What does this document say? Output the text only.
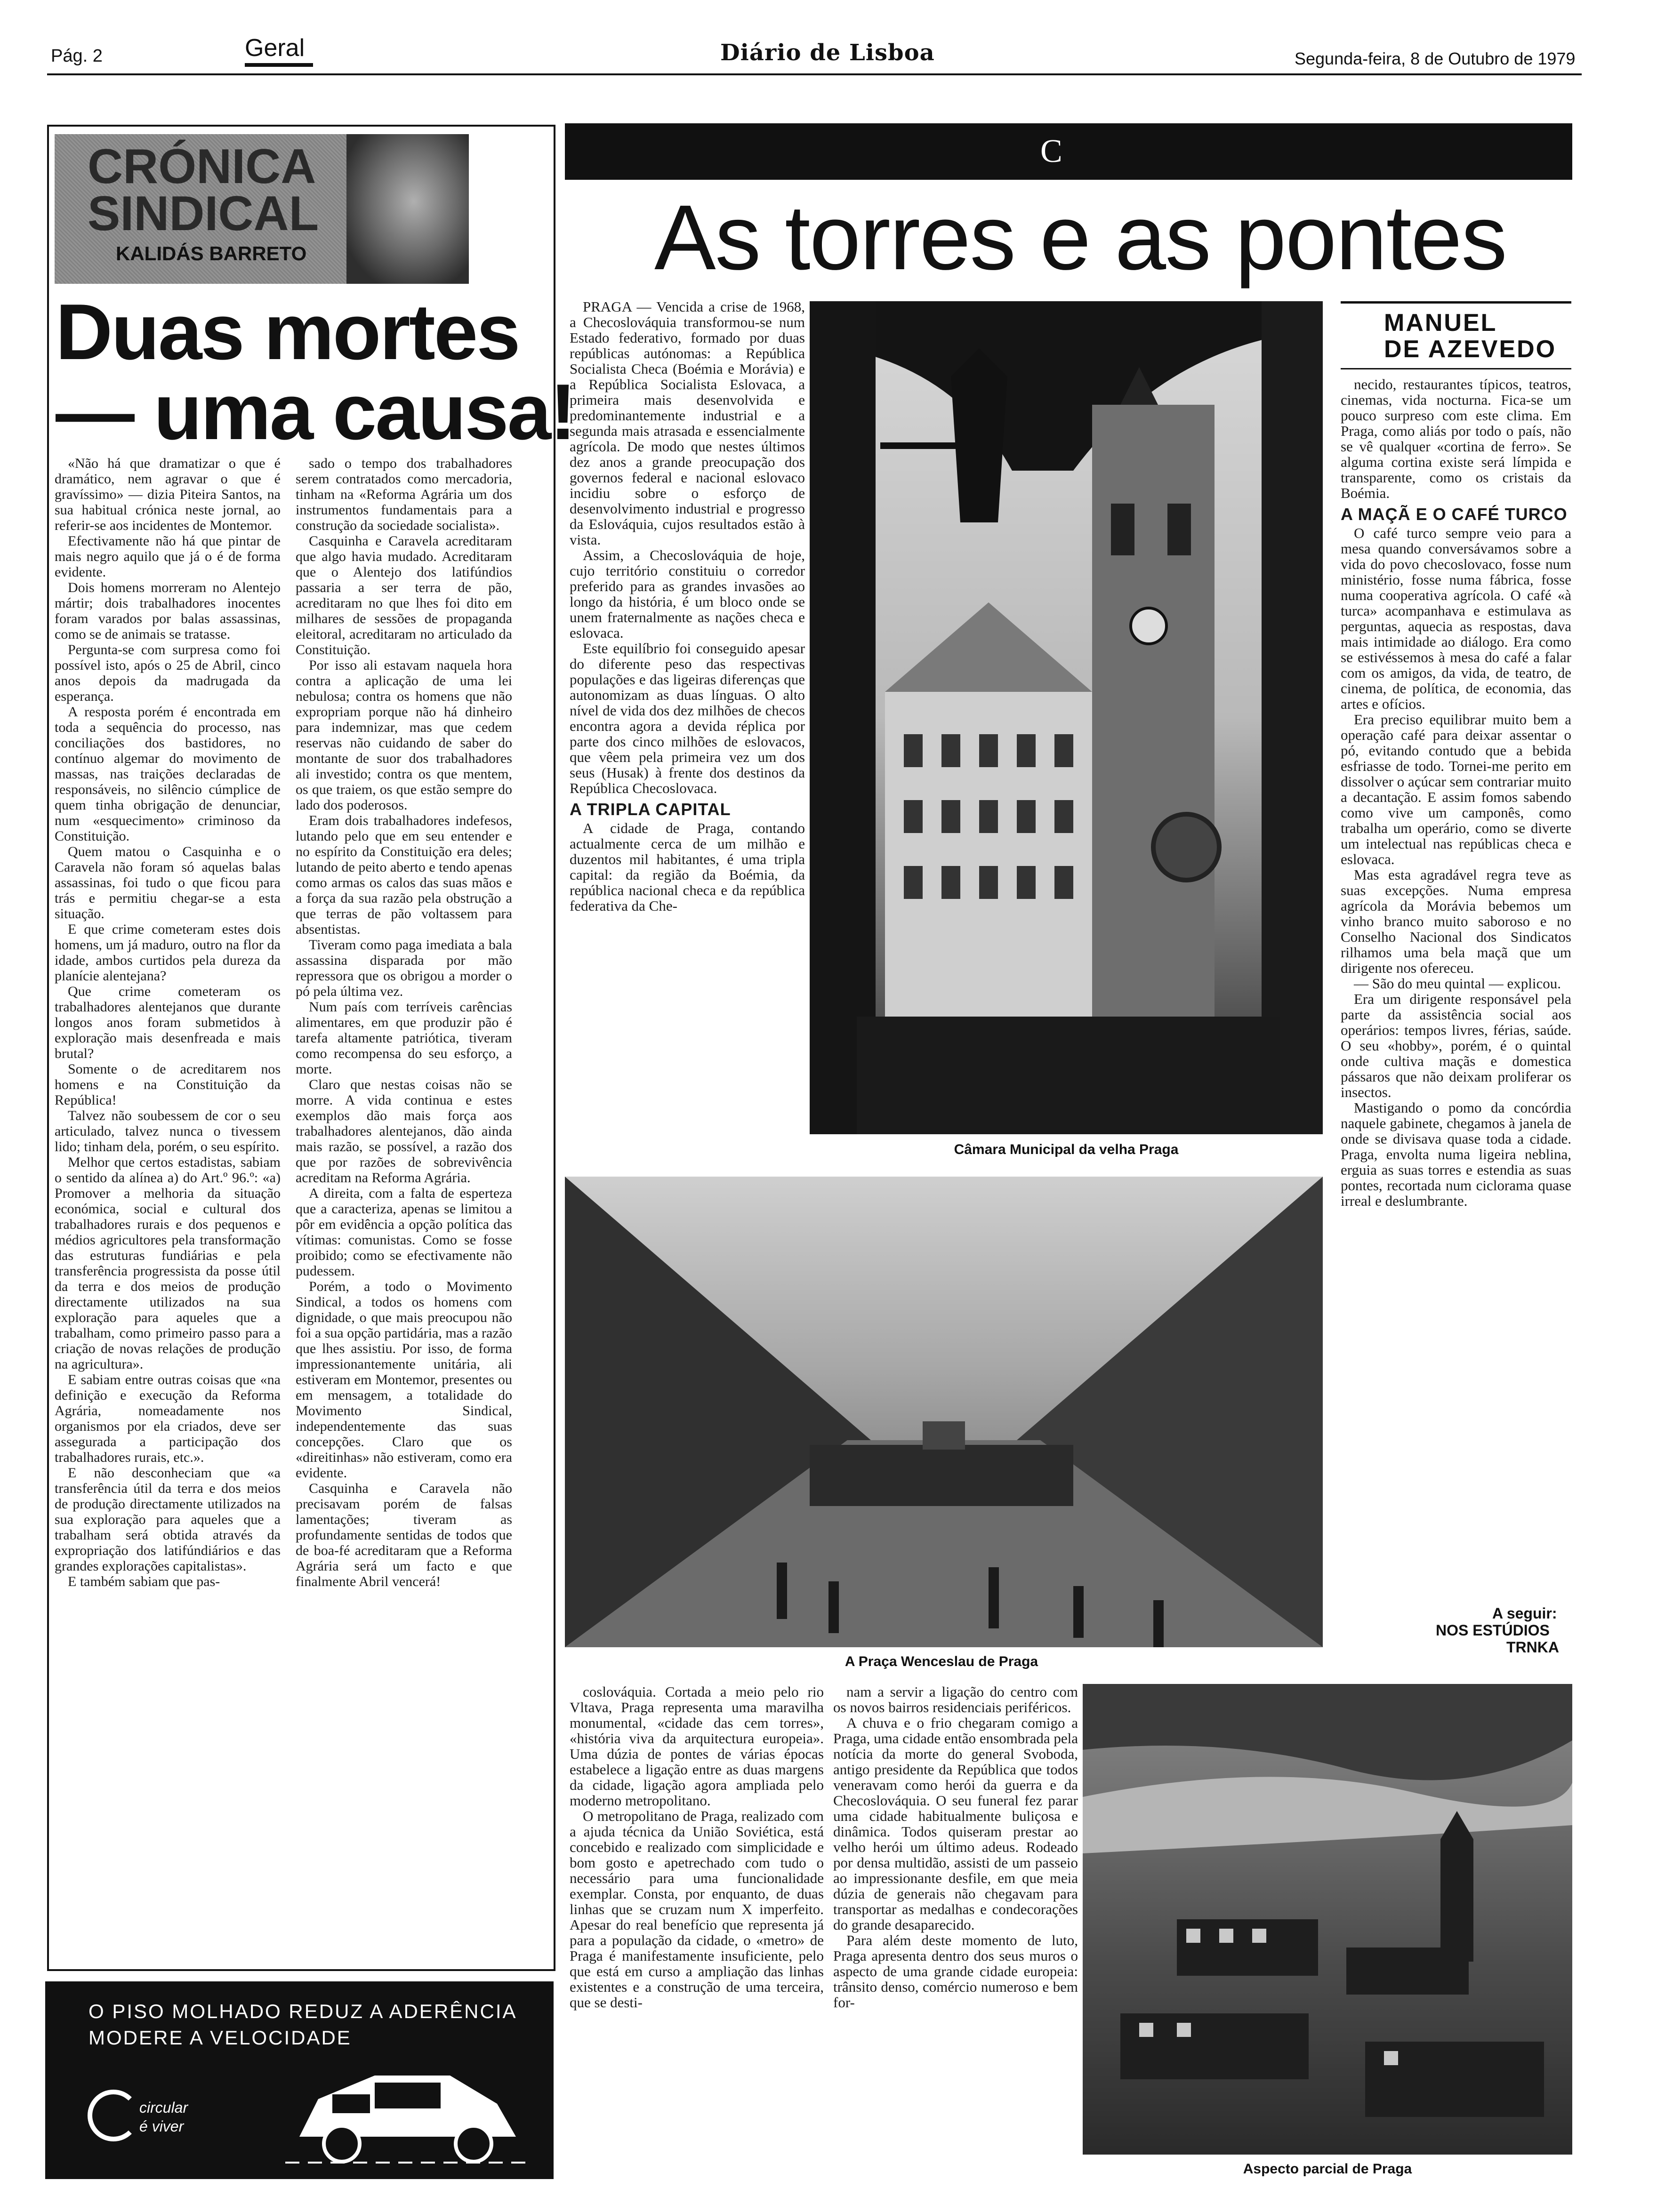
Pág. 2	Geral	Diário de Lisboa	Segunda-feira, 8 de Outubro de 1979
CRÓNICA
SINDICAL
KALIDÁS BARRETO
Duas mortes
— uma causa!

«Não há que dramatizar o que é dramático, nem agravar o que é gravíssimo» — dizia Piteira Santos, na sua habitual crónica neste jornal, ao referir-se aos incidentes de Montemor.

Efectivamente não há que pintar de mais negro aquilo que já o é de forma evidente.

Dois homens morreram no Alentejo mártir; dois trabalhadores inocentes foram varados por balas assassinas, como se de animais se tratasse.

Pergunta-se com surpresa como foi possível isto, após o 25 de Abril, cinco anos depois da madrugada da esperança.

A resposta porém é encontrada em toda a sequência do processo, nas conciliações dos bastidores, no contínuo algemar do movimento de massas, nas traições declaradas de responsáveis, no silêncio cúmplice de quem tinha obrigação de denunciar, num «esquecimento» criminoso da Constituição.

Quem matou o Casquinha e o Caravela não foram só aquelas balas assassinas, foi tudo o que ficou para trás e permitiu chegar-se a esta situação.

E que crime cometeram estes dois homens, um já maduro, outro na flor da idade, ambos curtidos pela dureza da planície alentejana?

Que crime cometeram os trabalhadores alentejanos que durante longos anos foram submetidos à exploração mais desenfreada e mais brutal?

Somente o de acreditarem nos homens e na Constituição da República!

Talvez não soubessem de cor o seu articulado, talvez nunca o tivessem lido; tinham dela, porém, o seu espírito.

Melhor que certos estadistas, sabiam o sentido da alínea a) do Art.º 96.º: «a) Promover a melhoria da situação económica, social e cultural dos trabalhadores rurais e dos pequenos e médios agricultores pela transformação das estruturas fundiárias e pela transferência progressista da posse útil da terra e dos meios de produção directamente utilizados na sua exploração para aqueles que a trabalham, como primeiro passo para a criação de novas relações de produção na agricultura».

E sabiam entre outras coisas que «na definição e execução da Reforma Agrária, nomeadamente nos organismos por ela criados, deve ser assegurada a participação dos trabalhadores rurais, etc.».

E não desconheciam que «a transferência útil da terra e dos meios de produção directamente utilizados na sua exploração para aqueles que a trabalham será obtida através da expropriação dos latifúndiários e das grandes explorações capitalistas».

E também sabiam que pas-

sado o tempo dos trabalhadores serem contratados como mercadoria, tinham na «Reforma Agrária um dos instrumentos fundamentais para a construção da sociedade socialista».

Casquinha e Caravela acreditaram que algo havia mudado. Acreditaram que o Alentejo dos latifúndios passaria a ser terra de pão, acreditaram no que lhes foi dito em milhares de sessões de propaganda eleitoral, acreditaram no articulado da Constituição.

Por isso ali estavam naquela hora contra a aplicação de uma lei nebulosa; contra os homens que não expropriam porque não há dinheiro para indemnizar, mas que cedem reservas não cuidando de saber do montante de suor dos trabalhadores ali investido; contra os que mentem, os que traiem, os que estão sempre do lado dos poderosos.

Eram dois trabalhadores indefesos, lutando pelo que em seu entender e no espírito da Constituição era deles; lutando de peito aberto e tendo apenas como armas os calos das suas mãos e a força da sua razão pela obstrução a que terras de pão voltassem para absentistas.

Tiveram como paga imediata a bala assassina disparada por mão repressora que os obrigou a morder o pó pela última vez.

Num país com terríveis carências alimentares, em que produzir pão é tarefa altamente patriótica, tiveram como recompensa do seu esforço, a morte.

Claro que nestas coisas não se morre. A vida continua e estes exemplos dão mais força aos trabalhadores alentejanos, dão ainda mais razão, se possível, a razão dos que por razões de sobrevivência acreditam na Reforma Agrária.

A direita, com a falta de esperteza que a caracteriza, apenas se limitou a pôr em evidência a opção política das vítimas: comunistas. Como se fosse proibido; como se efectivamente não pudessem.

Porém, a todo o Movimento Sindical, a todos os homens com dignidade, o que mais preocupou não foi a sua opção partidária, mas a razão que lhes assistiu. Por isso, de forma impressionantemente unitária, ali estiveram em Montemor, presentes ou em mensagem, a totalidade do Movimento Sindical, independentemente das suas concepções. Claro que os «direitinhas» não estiveram, como era evidente.

Casquinha e Caravela não precisavam porém de falsas lamentações; tiveram as profundamente sentidas de todos que de boa-fé acreditaram que a Reforma Agrária será um facto e que finalmente Abril vencerá!

O PISO MOLHADO REDUZ A ADERÊNCIA
MODERE A VELOCIDADE
circular
é viver
C
As torres e as pontes
MANUEL
DE AZEVEDO

PRAGA — Vencida a crise de 1968, a Checoslováquia transformou-se num Estado federativo, formado por duas repúblicas autónomas: a República Socialista Checa (Boémia e Morávia) e a República Socialista Eslovaca, a primeira mais desenvolvida e predominantemente industrial e a segunda mais atrasada e essencialmente agrícola. De modo que nestes últimos dez anos a grande preocupação dos governos federal e nacional eslovaco incidiu sobre o esforço de desenvolvimento industrial e progresso da Eslováquia, cujos resultados estão à vista.

Assim, a Checoslováquia de hoje, cujo território constituiu o corredor preferido para as grandes invasões ao longo da história, é um bloco onde se unem fraternalmente as nações checa e eslovaca.

Este equilíbrio foi conseguido apesar do diferente peso das respectivas populações e das ligeiras diferenças que autonomizam as duas línguas. O alto nível de vida dos dez milhões de checos encontra agora a devida réplica por parte dos cinco milhões de eslovacos, que vêem pela primeira vez um dos seus (Husak) à frente dos destinos da República Checoslovaca.

A TRIPLA CAPITAL

A cidade de Praga, contando actualmente cerca de um milhão e duzentos mil habitantes, é uma tripla capital: da região da Boémia, da república nacional checa e da república federativa da Che-

Câmara Municipal da velha Praga
A Praça Wenceslau de Praga

coslováquia. Cortada a meio pelo rio Vltava, Praga representa uma maravilha monumental, «cidade das cem torres», «história viva da arquitectura europeia». Uma dúzia de pontes de várias épocas estabelece a ligação entre as duas margens da cidade, ligação agora ampliada pelo moderno metropolitano.

O metropolitano de Praga, realizado com a ajuda técnica da União Soviética, está concebido e realizado com simplicidade e bom gosto e apetrechado com tudo o necessário para uma funcionalidade exemplar. Consta, por enquanto, de duas linhas que se cruzam num X imperfeito. Apesar do real benefício que representa já para a população da cidade, o «metro» de Praga é manifestamente insuficiente, pelo que está em curso a ampliação das linhas existentes e a construção de uma terceira, que se desti-

nam a servir a ligação do centro com os novos bairros residenciais periféricos.

A chuva e o frio chegaram comigo a Praga, uma cidade então ensombrada pela notícia da morte do general Svoboda, antigo presidente da República que todos veneravam como herói da guerra e da Checoslováquia. O seu funeral fez parar uma cidade habitualmente buliçosa e dinâmica. Todos quiseram prestar ao velho herói um último adeus. Rodeado por densa multidão, assisti de um passeio ao impressionante desfile, em que meia dúzia de generais não chegavam para transportar as medalhas e condecorações do grande desaparecido.

Para além deste momento de luto, Praga apresenta dentro dos seus muros o aspecto de uma grande cidade europeia: trânsito denso, comércio numeroso e bem for-

necido, restaurantes típicos, teatros, cinemas, vida nocturna. Fica-se um pouco surpreso com este clima. Em Praga, como aliás por todo o país, não se vê qualquer «cortina de ferro». Se alguma cortina existe será límpida e transparente, como os cristais da Boémia.

A MAÇÃ E O CAFÉ TURCO

O café turco sempre veio para a mesa quando conversávamos sobre a vida do povo checoslovaco, fosse num ministério, fosse numa fábrica, fosse numa cooperativa agrícola. O café «à turca» acompanhava e estimulava as perguntas, aquecia as respostas, dava mais intimidade ao diálogo. Era como se estivéssemos à mesa do café a falar com os amigos, da vida, de teatro, de cinema, de política, de economia, das artes e ofícios.

Era preciso equilibrar muito bem a operação café para deixar assentar o pó, evitando contudo que a bebida esfriasse de todo. Tornei-me perito em dissolver o açúcar sem contrariar muito a decantação. E assim fomos sabendo como vive um camponês, como trabalha um operário, como se diverte um intelectual nas repúblicas checa e eslovaca.

Mas esta agradável regra teve as suas excepções. Numa empresa agrícola da Morávia bebemos um vinho branco muito saboroso e no Conselho Nacional dos Sindicatos rilhamos uma bela maçã que um dirigente nos ofereceu.

— São do meu quintal — explicou.

Era um dirigente responsável pela parte da assistência social aos operários: tempos livres, férias, saúde. O seu «hobby», porém, é o quintal onde cultiva maçãs e domestica pássaros que não deixam proliferar os insectos.

Mastigando o pomo da concórdia naquele gabinete, chegamos à janela de onde se divisava quase toda a cidade. Praga, envolta numa ligeira neblina, erguia as suas torres e estendia as suas pontes, recortada num ciclorama quase irreal e deslumbrante.

A seguir:
NOS ESTÚDIOS
TRNKA
Aspecto parcial de Praga
